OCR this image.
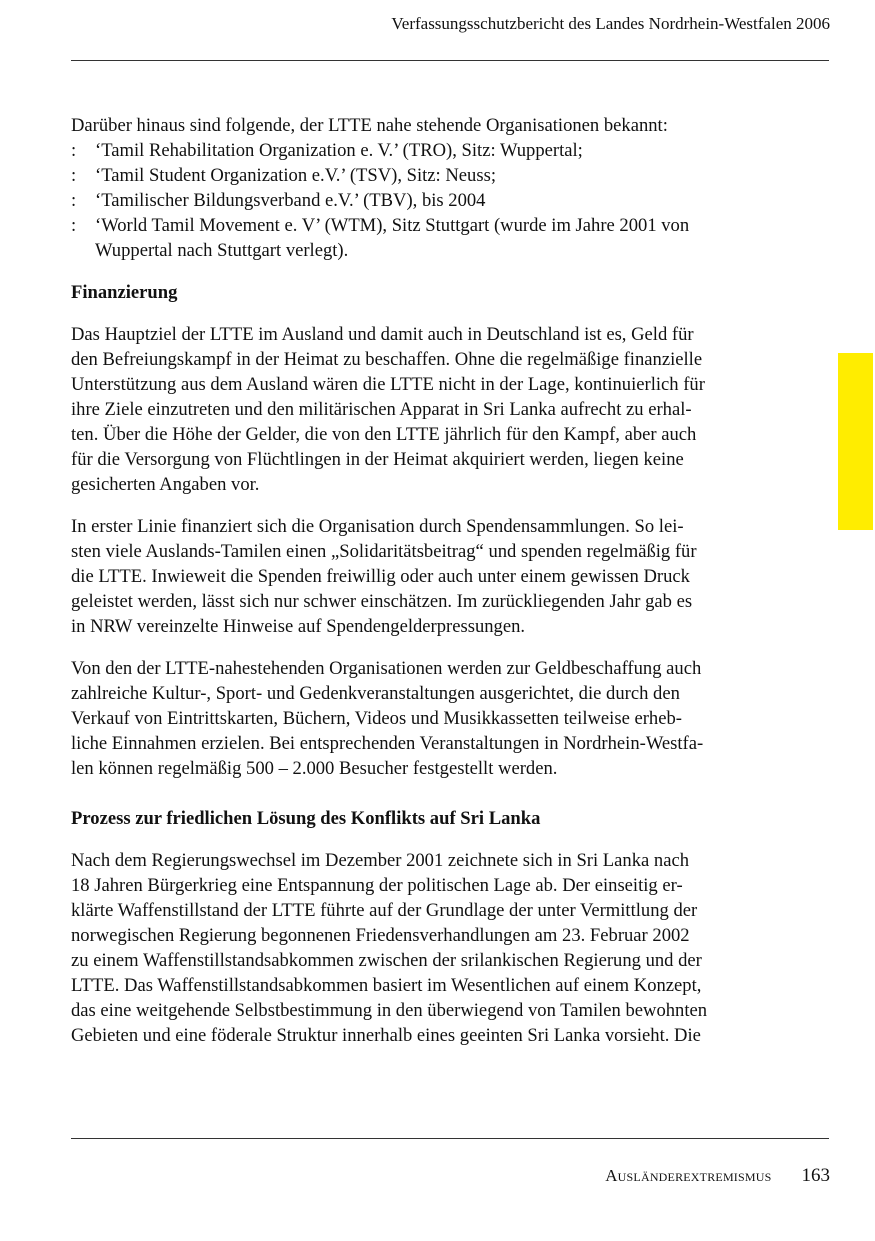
Verfassungsschutzbericht des Landes Nordrhein-Westfalen 2006

Darüber hinaus sind folgende, der LTTE nahe stehende Organisationen bekannt:

: ‘Tamil Rehabilitation Organization e. V.’ (TRO), Sitz: Wuppertal;
: ‘Tamil Student Organization e.V.’ (TSV), Sitz: Neuss;
: ‘Tamilischer Bildungsverband e.V.’ (TBV), bis 2004
: ‘World Tamil Movement e. V’ (WTM), Sitz Stuttgart (wurde im Jahre 2001 von
Wuppertal nach Stuttgart verlegt).
Finanzierung

Das Hauptziel der LTTE im Ausland und damit auch in Deutschland ist es, Geld für

den Befreiungskampf in der Heimat zu beschaffen. Ohne die regelmäßige finanzielle

Unterstützung aus dem Ausland wären die LTTE nicht in der Lage, kontinuierlich für

ihre Ziele einzutreten und den militärischen Apparat in Sri Lanka aufrecht zu erhal-

ten. Über die Höhe der Gelder, die von den LTTE jährlich für den Kampf, aber auch

für die Versorgung von Flüchtlingen in der Heimat akquiriert werden, liegen keine

gesicherten Angaben vor.

In erster Linie finanziert sich die Organisation durch Spendensammlungen. So lei-

sten viele Auslands-Tamilen einen „Solidaritätsbeitrag“ und spenden regelmäßig für

die LTTE. Inwieweit die Spenden freiwillig oder auch unter einem gewissen Druck

geleistet werden, lässt sich nur schwer einschätzen. Im zurückliegenden Jahr gab es

in NRW vereinzelte Hinweise auf Spendengelderpressungen.

Von den der LTTE-nahestehenden Organisationen werden zur Geldbeschaffung auch

zahlreiche Kultur-, Sport- und Gedenkveranstaltungen ausgerichtet, die durch den

Verkauf von Eintrittskarten, Büchern, Videos und Musikkassetten teilweise erheb-

liche Einnahmen erzielen. Bei entsprechenden Veranstaltungen in Nordrhein-Westfa-

len können regelmäßig 500 – 2.000 Besucher festgestellt werden.

Prozess zur friedlichen Lösung des Konflikts auf Sri Lanka

Nach dem Regierungswechsel im Dezember 2001 zeichnete sich in Sri Lanka nach

18 Jahren Bürgerkrieg eine Entspannung der politischen Lage ab. Der einseitig er-

klärte Waffenstillstand der LTTE führte auf der Grundlage der unter Vermittlung der

norwegischen Regierung begonnenen Friedensverhandlungen am 23. Februar 2002

zu einem Waffenstillstandsabkommen zwischen der srilankischen Regierung und der

LTTE. Das Waffenstillstandsabkommen basiert im Wesentlichen auf einem Konzept,

das eine weitgehende Selbstbestimmung in den überwiegend von Tamilen bewohnten

Gebieten und eine föderale Struktur innerhalb eines geeinten Sri Lanka vorsieht. Die

Ausländerextremismus 163
